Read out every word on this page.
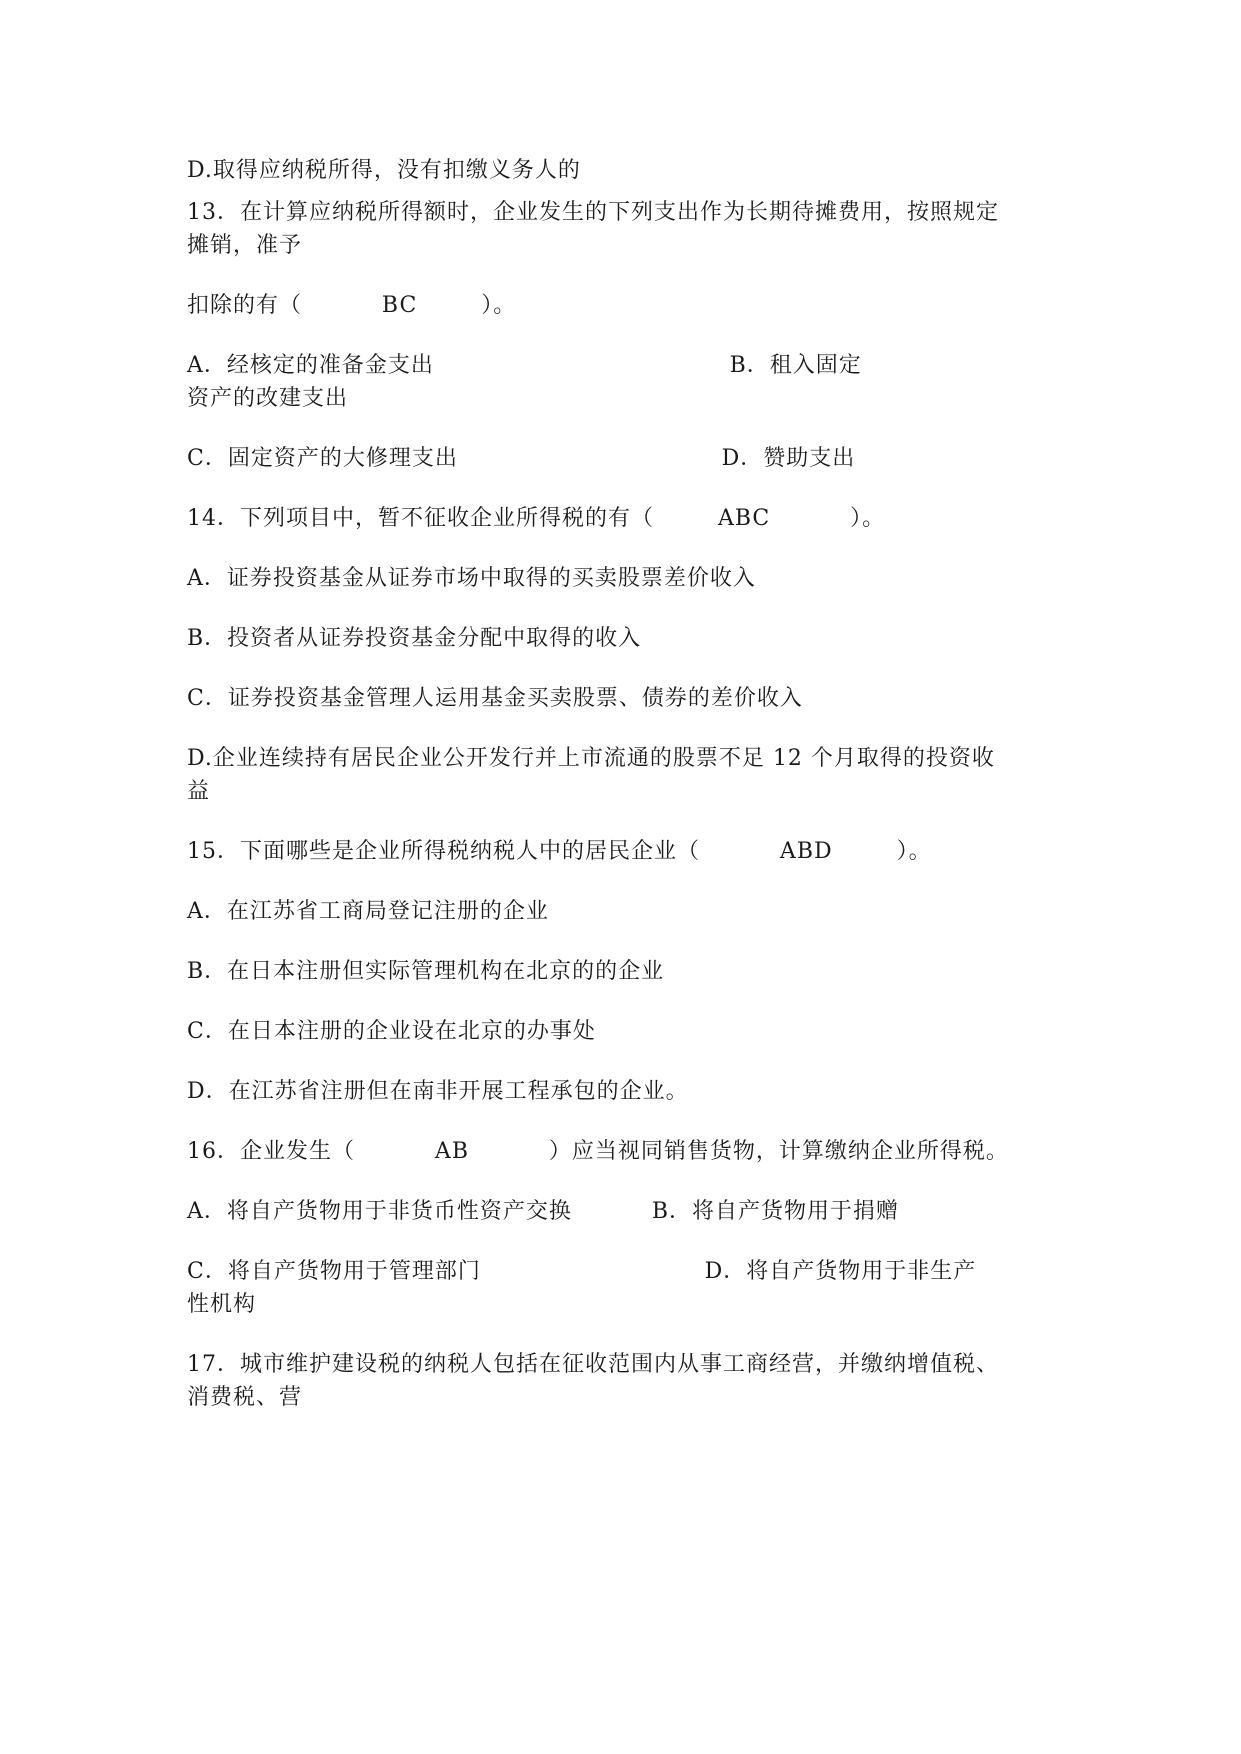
D.取得应纳税所得，没有扣缴义务人的
13．在计算应纳税所得额时，企业发生的下列支出作为长期待摊费用，按照规定
摊销，准予
扣除的有（          BC        ）。
A．经核定的准备金支出                                     B．租入固定
资产的改建支出
C．固定资产的大修理支出                                 D．赞助支出
14．下列项目中，暂不征收企业所得税的有（        ABC          ）。
A．证券投资基金从证券市场中取得的买卖股票差价收入
B．投资者从证券投资基金分配中取得的收入
C．证券投资基金管理人运用基金买卖股票、债券的差价收入
D.企业连续持有居民企业公开发行并上市流通的股票不足 12 个月取得的投资收
益
15．下面哪些是企业所得税纳税人中的居民企业（          ABD        ）。
A．在江苏省工商局登记注册的企业
B．在日本注册但实际管理机构在北京的的企业
C．在日本注册的企业设在北京的办事处
D．在江苏省注册但在南非开展工程承包的企业。
16．企业发生（          AB          ）应当视同销售货物，计算缴纳企业所得税。
A．将自产货物用于非货币性资产交换          B．将自产货物用于捐赠
C．将自产货物用于管理部门                            D．将自产货物用于非生产
性机构
17．城市维护建设税的纳税人包括在征收范围内从事工商经营，并缴纳增值税、
消费税、营
